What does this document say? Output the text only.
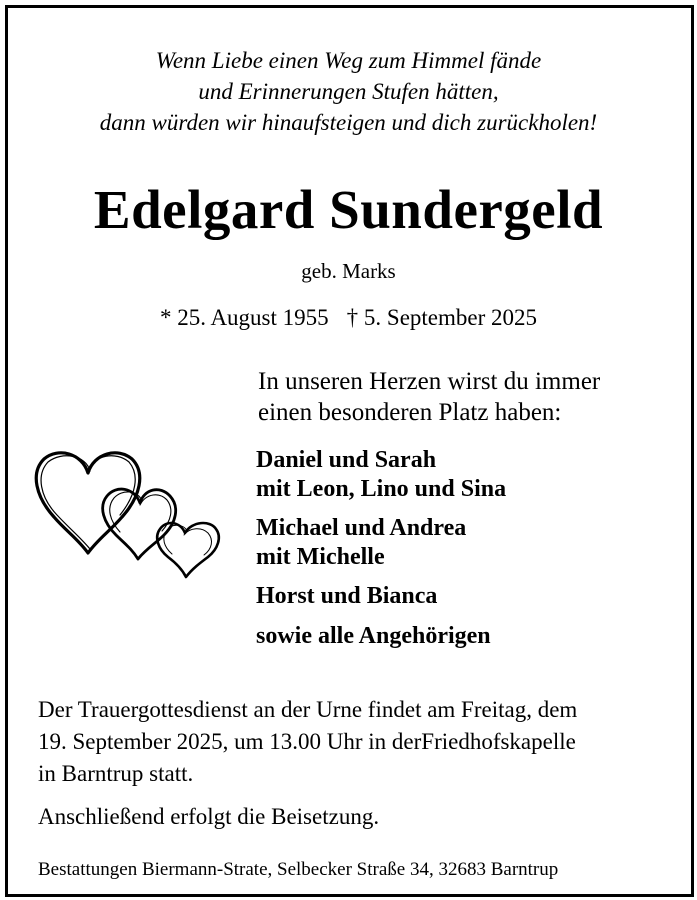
Wenn Liebe einen Weg zum Himmel fände
und Erinnerungen Stufen hätten,
dann würden wir hinaufsteigen und dich zurückholen!
Edelgard Sundergeld
geb. Marks
* 25. August 1955 † 5. September 2025
In unseren Herzen wirst du immer
einen besonderen Platz haben:
Daniel und Sarah
mit Leon, Lino und Sina
Michael und Andrea
mit Michelle
Horst und Bianca
sowie alle Angehörigen
Der Trauergottesdienst an der Urne findet am Freitag, dem
19. September 2025, um 13.00 Uhr in derFriedhofskapelle
in Barntrup statt.
Anschließend erfolgt die Beisetzung.
Bestattungen Biermann-Strate, Selbecker Straße 34, 32683 Barntrup
